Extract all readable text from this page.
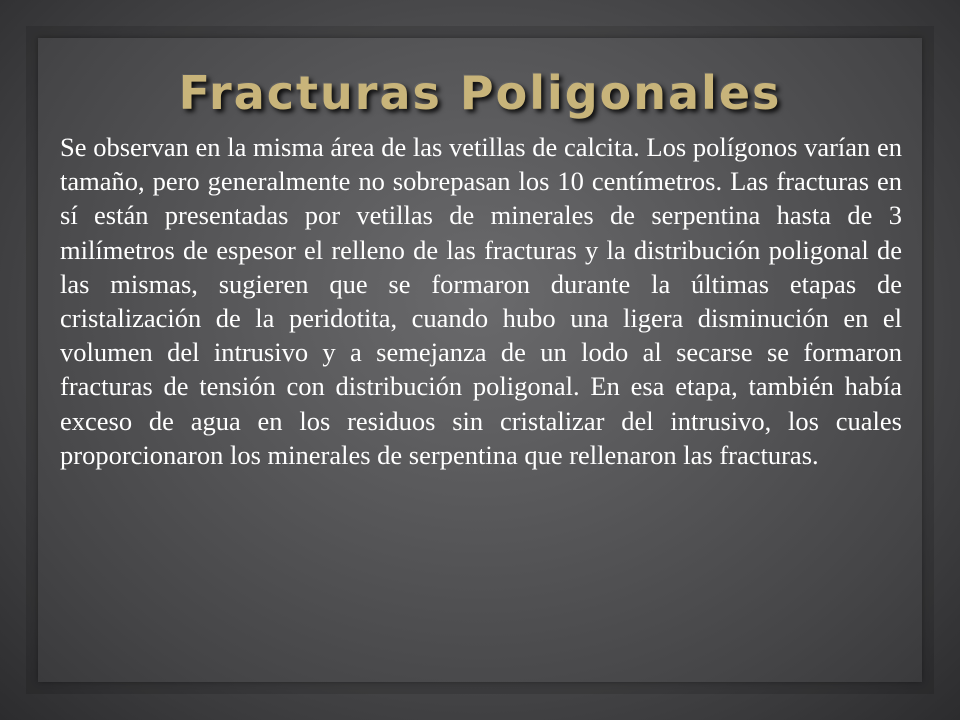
Fracturas Poligonales

Se observan en la misma área de las vetillas de calcita. Los polígonos varían en tamaño, pero generalmente no sobrepasan los 10 centímetros. Las fracturas en sí están presentadas por vetillas de minerales de serpentina hasta de 3 milímetros de espesor el relleno de las fracturas y la distribución poligonal de las mismas, sugieren que se formaron durante la últimas etapas de cristalización de la peridotita, cuando hubo una ligera disminución en el volumen del intrusivo y a semejanza de un lodo al secarse se formaron fracturas de tensión con distribución poligonal. En esa etapa, también había exceso de agua en los residuos sin cristalizar del intrusivo, los cuales proporcionaron los minerales de serpentina que rellenaron las fracturas.
